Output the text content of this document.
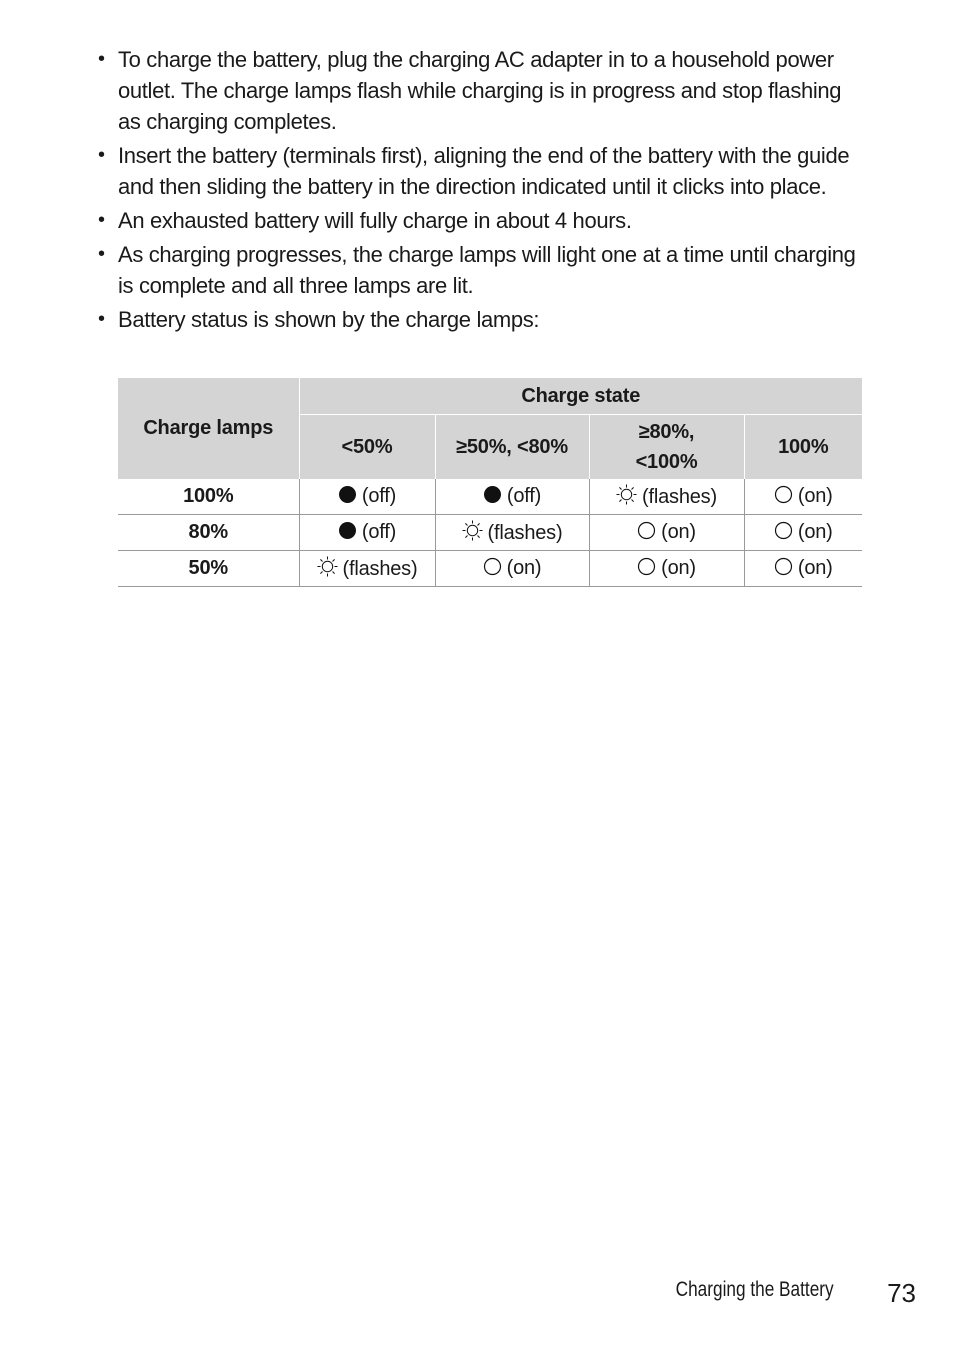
• To charge the battery, plug the charging AC adapter in to a household power outlet. The charge lamps flash while charging is in progress and stop flashing as charging completes.
• Insert the battery (terminals first), aligning the end of the battery with the guide and then sliding the battery in the direction indicated until it clicks into place.
• An exhausted battery will fully charge in about 4 hours.
• As charging progresses, the charge lamps will light one at a time until charging is complete and all three lamps are lit.
• Battery status is shown by the charge lamps:
Charge lamps	Charge state			
	<50%	≥50%, <80%	≥80%, <100%	100%
100%	(off)	(off)	(flashes)	(on)
80%	(off)	(flashes)	(on)	(on)
50%	(flashes)	(on)	(on)	(on)
Charging the Battery 73
